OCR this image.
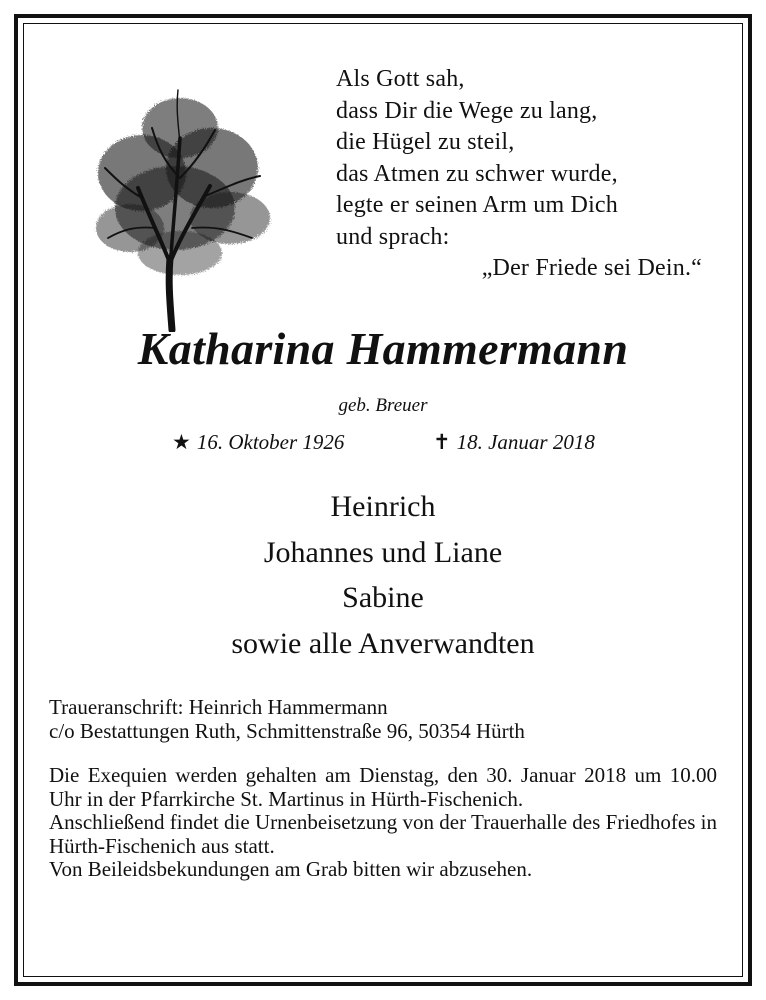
Als Gott sah,
dass Dir die Wege zu lang,
die Hügel zu steil,
das Atmen zu schwer wurde,
legte er seinen Arm um Dich
und sprach:
„Der Friede sei Dein.“
Katharina Hammermann
geb. Breuer
★ 16. Oktober 1926	✝ 18. Januar 2018
Heinrich
Johannes und Liane
Sabine
sowie alle Anverwandten
Traueranschrift: Heinrich Hammermann
c/o Bestattungen Ruth, Schmittenstraße 96, 50354 Hürth

Die Exequien werden gehalten am Dienstag, den 30. Januar 2018 um 10.00 Uhr in der Pfarrkirche St. Martinus in Hürth-Fischenich.

Anschließend findet die Urnenbeisetzung von der Trauerhalle des Friedhofes in Hürth-Fischenich aus statt.

Von Beileidsbekundungen am Grab bitten wir abzusehen.
